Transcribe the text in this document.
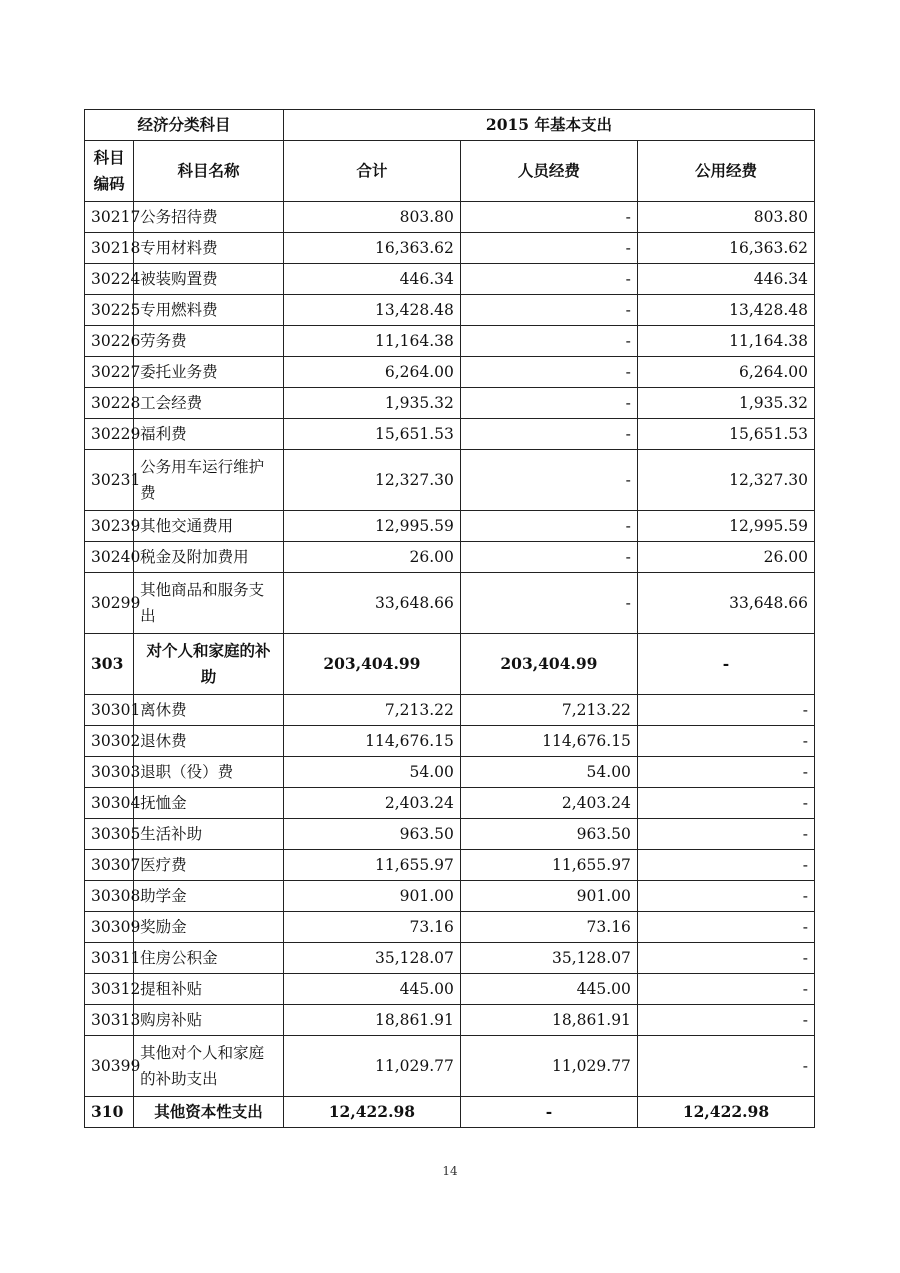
经济分类科目		2015 年基本支出		
科目编码	科目名称	合计	人员经费	公用经费
30217	公务招待费	803.80	-	803.80
30218	专用材料费	16,363.62	-	16,363.62
30224	被装购置费	446.34	-	446.34
30225	专用燃料费	13,428.48	-	13,428.48
30226	劳务费	11,164.38	-	11,164.38
30227	委托业务费	6,264.00	-	6,264.00
30228	工会经费	1,935.32	-	1,935.32
30229	福利费	15,651.53	-	15,651.53
30231	公务用车运行维护费	12,327.30	-	12,327.30
30239	其他交通费用	12,995.59	-	12,995.59
30240	税金及附加费用	26.00	-	26.00
30299	其他商品和服务支出	33,648.66	-	33,648.66
303	对个人和家庭的补助	203,404.99	203,404.99	-
30301	离休费	7,213.22	7,213.22	-
30302	退休费	114,676.15	114,676.15	-
30303	退职（役）费	54.00	54.00	-
30304	抚恤金	2,403.24	2,403.24	-
30305	生活补助	963.50	963.50	-
30307	医疗费	11,655.97	11,655.97	-
30308	助学金	901.00	901.00	-
30309	奖励金	73.16	73.16	-
30311	住房公积金	35,128.07	35,128.07	-
30312	提租补贴	445.00	445.00	-
30313	购房补贴	18,861.91	18,861.91	-
30399	其他对个人和家庭的补助支出	11,029.77	11,029.77	-
310	其他资本性支出	12,422.98	-	12,422.98
14
